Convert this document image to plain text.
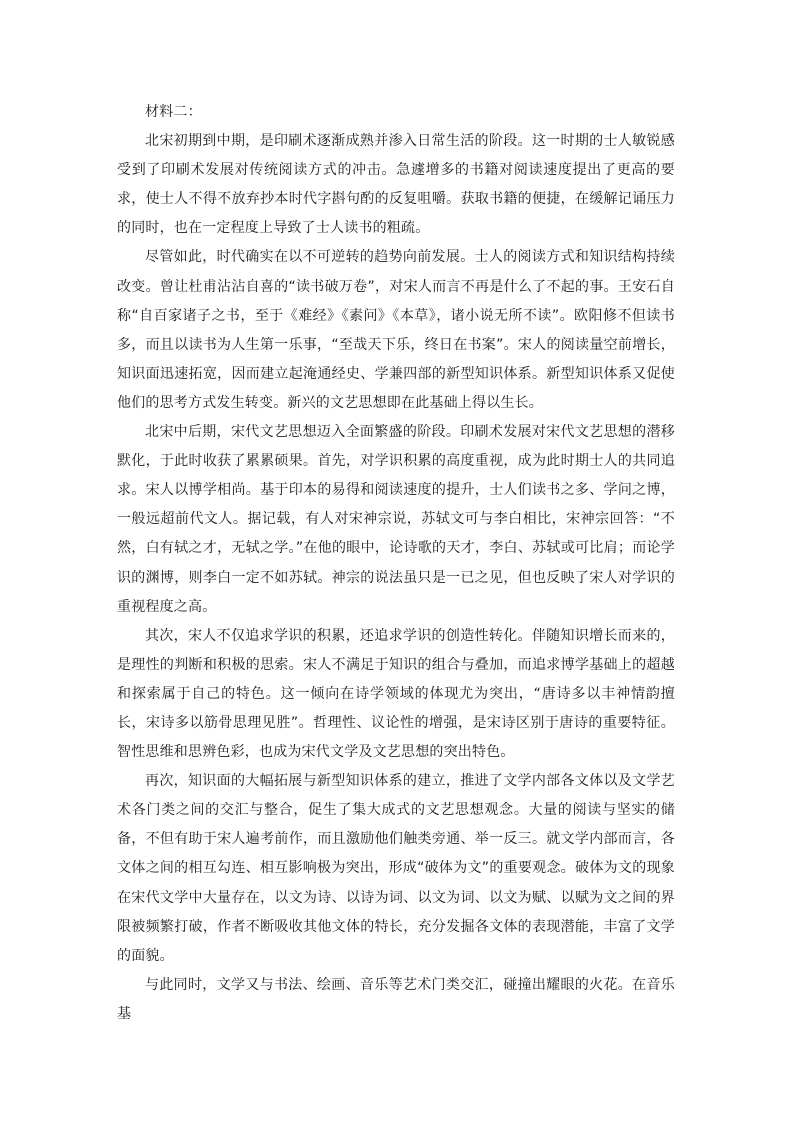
材料二：

北宋初期到中期，是印刷术逐渐成熟并渗入日常生活的阶段。这一时期的士人敏锐感受到了印刷术发展对传统阅读方式的冲击。急遽增多的书籍对阅读速度提出了更高的要求，使士人不得不放弃抄本时代字斟句酌的反复咀嚼。获取书籍的便捷，在缓解记诵压力的同时，也在一定程度上导致了士人读书的粗疏。

尽管如此，时代确实在以不可逆转的趋势向前发展。士人的阅读方式和知识结构持续改变。曾让杜甫沾沾自喜的“读书破万卷”，对宋人而言不再是什么了不起的事。王安石自称“自百家诸子之书，至于《难经》《素问》《本草》，诸小说无所不读”。欧阳修不但读书多，而且以读书为人生第一乐事，“至哉天下乐，终日在书案”。宋人的阅读量空前增长，知识面迅速拓宽，因而建立起淹通经史、学兼四部的新型知识体系。新型知识体系又促使他们的思考方式发生转变。新兴的文艺思想即在此基础上得以生长。

北宋中后期，宋代文艺思想迈入全面繁盛的阶段。印刷术发展对宋代文艺思想的潜移默化，于此时收获了累累硕果。首先，对学识积累的高度重视，成为此时期士人的共同追求。宋人以博学相尚。基于印本的易得和阅读速度的提升，士人们读书之多、学问之博，一般远超前代文人。据记载，有人对宋神宗说，苏轼文可与李白相比，宋神宗回答：“不然，白有轼之才，无轼之学。”在他的眼中，论诗歌的天才，李白、苏轼或可比肩；而论学识的渊博，则李白一定不如苏轼。神宗的说法虽只是一已之见，但也反映了宋人对学识的重视程度之高。

其次，宋人不仅追求学识的积累，还追求学识的创造性转化。伴随知识增长而来的，是理性的判断和积极的思索。宋人不满足于知识的组合与叠加，而追求博学基础上的超越和探索属于自己的特色。这一倾向在诗学领域的体现尤为突出，“唐诗多以丰神情韵擅长，宋诗多以筋骨思理见胜”。哲理性、议论性的增强，是宋诗区别于唐诗的重要特征。智性思维和思辨色彩，也成为宋代文学及文艺思想的突出特色。

再次，知识面的大幅拓展与新型知识体系的建立，推进了文学内部各文体以及文学艺术各门类之间的交汇与整合，促生了集大成式的文艺思想观念。大量的阅读与坚实的储备，不但有助于宋人遍考前作，而且激励他们触类旁通、举一反三。就文学内部而言，各文体之间的相互勾连、相互影响极为突出，形成“破体为文”的重要观念。破体为文的现象在宋代文学中大量存在，以文为诗、以诗为词、以文为词、以文为赋、以赋为文之间的界限被频繁打破，作者不断吸收其他文体的特长，充分发掘各文体的表现潜能，丰富了文学的面貌。

与此同时，文学又与书法、绘画、音乐等艺术门类交汇，碰撞出耀眼的火花。在音乐基
